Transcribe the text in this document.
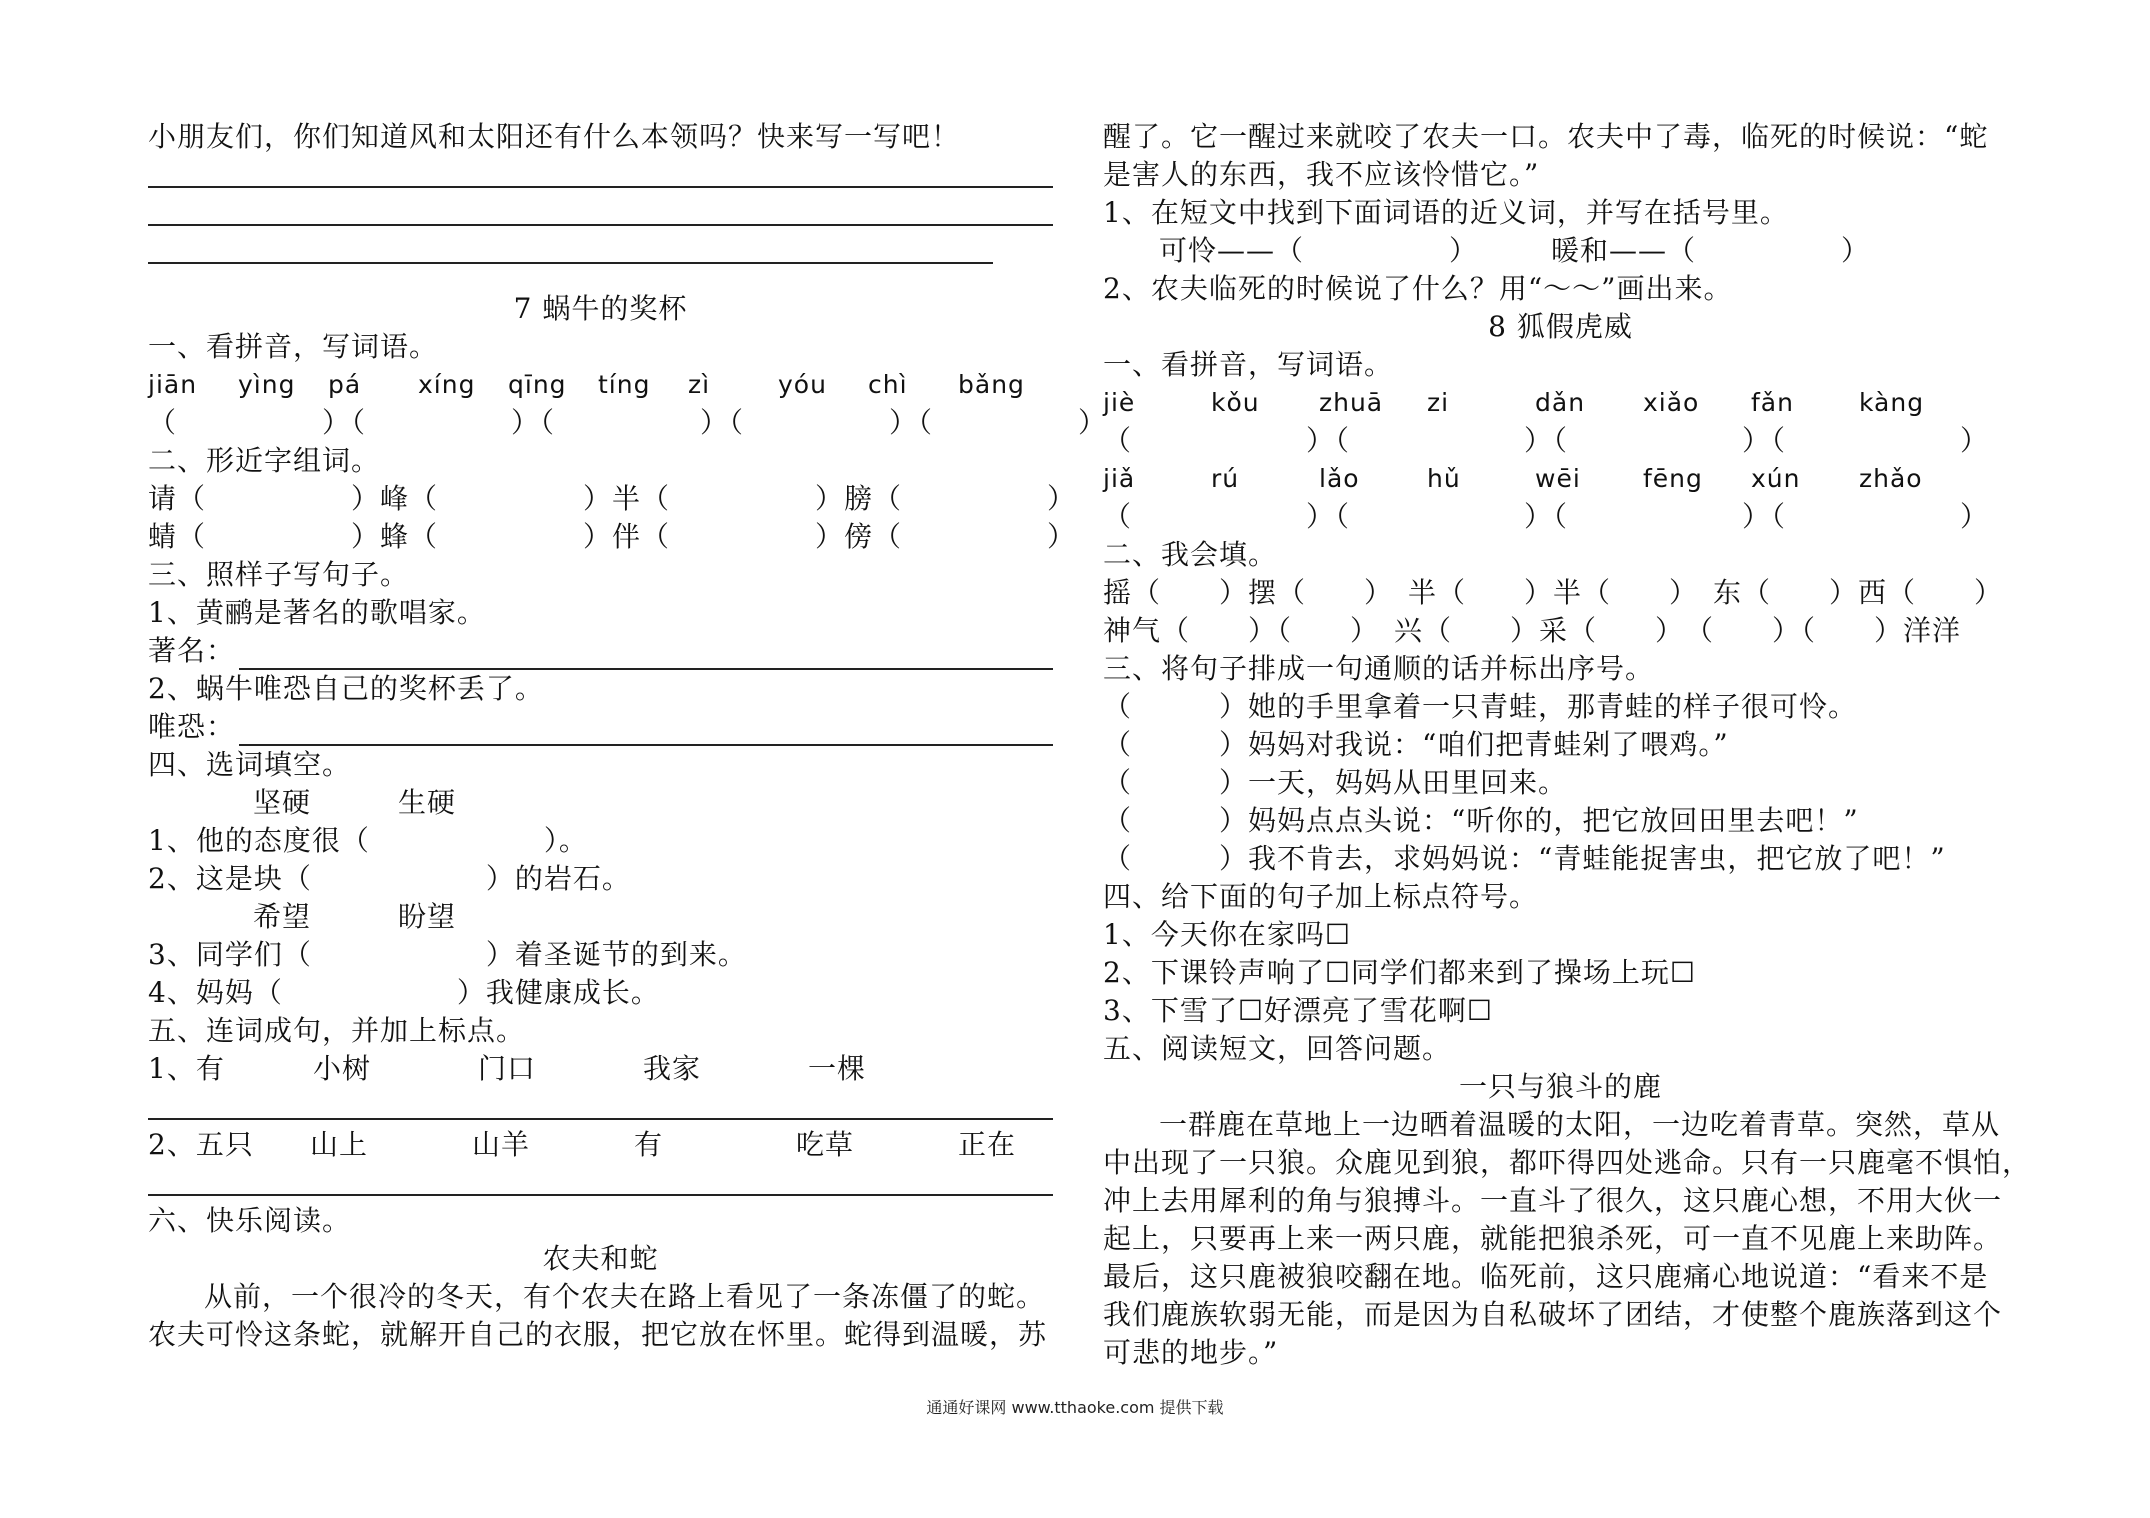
小朋友们，你们知道风和太阳还有什么本领吗？快来写一写吧！
7 蜗牛的奖杯
一、看拼音，写词语。
jiān yìng pá xíng qīng tíng zì	yóu chì bǎng
（　　　　　）（　　　　　）（　　　　　）（　　　　　）（　　　　　）
二、形近字组词。
请（　　　　　）峰（　　　　　）半（　　　　　）膀（　　　　　）
蜻（　　　　　）蜂（　　　　　）伴（　　　　　）傍（　　　　　）
三、照样子写句子。
1、黄鹂是著名的歌唱家。
著名：
2、蜗牛唯恐自己的奖杯丢了。
唯恐：
四、选词填空。
坚硬　　　生硬
1、他的态度很（　　　　　　）。
2、这是块（　　　　　　）的岩石。
希望　　　盼望
3、同学们（　　　　　　）着圣诞节的到来。
4、妈妈（　　　　　　）我健康成长。
五、连词成句，并加上标点。
1、有	小树	门口	我家	一棵
2、五只 山上	山羊	有	吃草	正在
六、快乐阅读。
农夫和蛇
从前，一个很冷的冬天，有个农夫在路上看见了一条冻僵了的蛇。
农夫可怜这条蛇，就解开自己的衣服，把它放在怀里。蛇得到温暖，苏
醒了。它一醒过来就咬了农夫一口。农夫中了毒，临死的时候说：“蛇
是害人的东西，我不应该怜惜它。”
1、在短文中找到下面词语的近义词，并写在括号里。
可怜——（　　　　　）　　　暖和——（　　　　　）
2、农夫临死的时候说了什么？用“～～”画出来。
8 狐假虎威
一、看拼音，写词语。
jiè	kǒu zhuā zi	dǎn xiǎo fǎn	kàng
（　　　　　　）（　　　　　　）（　　　　　　）（　　　　　　）
jiǎ	rú	lǎo	hǔ	wēi fēng xún zhǎo
（　　　　　　）（　　　　　　）（　　　　　　）（　　　　　　）
二、我会填。
摇（　　）摆（　　）　半（　　）半（　　）　东（　　）西（　　）
神气（　　）（　　）　兴（　　）采（　　）　（　　）（　　）洋洋
三、将句子排成一句通顺的话并标出序号。
（　　　）她的手里拿着一只青蛙，那青蛙的样子很可怜。
（　　　）妈妈对我说：“咱们把青蛙剁了喂鸡。”
（　　　）一天，妈妈从田里回来。
（　　　）妈妈点点头说：“听你的，把它放回田里去吧！”
（　　　）我不肯去，求妈妈说：“青蛙能捉害虫，把它放了吧！”
四、给下面的句子加上标点符号。
1、今天你在家吗☐
2、下课铃声响了☐同学们都来到了操场上玩☐
3、下雪了☐好漂亮了雪花啊☐
五、阅读短文，回答问题。
一只与狼斗的鹿
一群鹿在草地上一边晒着温暖的太阳，一边吃着青草。突然，草从
中出现了一只狼。众鹿见到狼，都吓得四处逃命。只有一只鹿毫不惧怕，
冲上去用犀利的角与狼搏斗。一直斗了很久，这只鹿心想，不用大伙一
起上，只要再上来一两只鹿，就能把狼杀死，可一直不见鹿上来助阵。
最后，这只鹿被狼咬翻在地。临死前，这只鹿痛心地说道：“看来不是
我们鹿族软弱无能，而是因为自私破坏了团结，才使整个鹿族落到这个
可悲的地步。”
通通好课网 www.tthaoke.com 提供下载
